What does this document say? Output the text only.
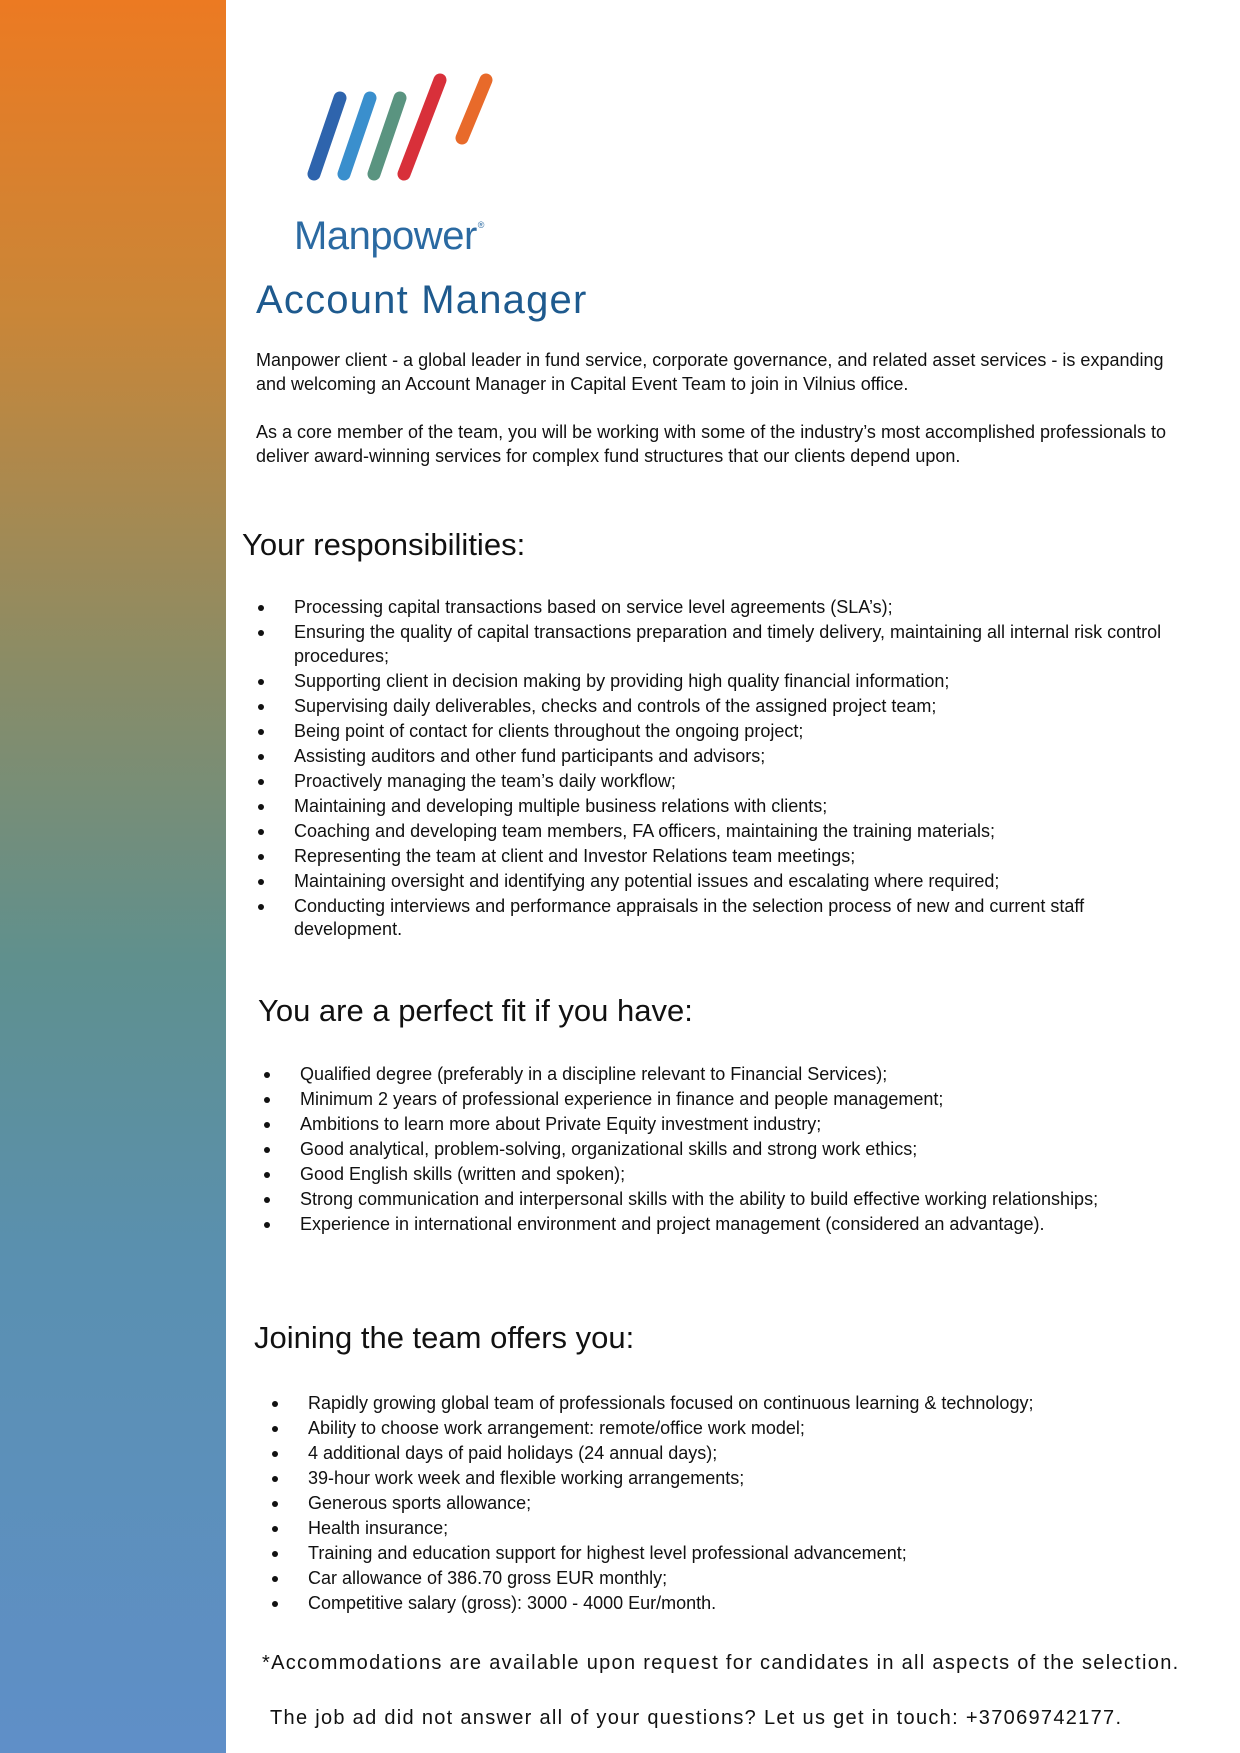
Manpower®
Account Manager

Manpower client - a global leader in fund service, corporate governance, and related asset services - is expanding and welcoming an Account Manager in Capital Event Team to join in Vilnius office.

As a core member of the team, you will be working with some of the industry’s most accomplished professionals to deliver award-winning services for complex fund structures that our clients depend upon.

Your responsibilities:
Processing capital transactions based on service level agreements (SLA’s);
Ensuring the quality of capital transactions preparation and timely delivery, maintaining all internal risk control procedures;
Supporting client in decision making by providing high quality financial information;
Supervising daily deliverables, checks and controls of the assigned project team;
Being point of contact for clients throughout the ongoing project;
Assisting auditors and other fund participants and advisors;
Proactively managing the team’s daily workflow;
Maintaining and developing multiple business relations with clients;
Coaching and developing team members, FA officers, maintaining the training materials;
Representing the team at client and Investor Relations team meetings;
Maintaining oversight and identifying any potential issues and escalating where required;
Conducting interviews and performance appraisals in the selection process of new and current staff development.
You are a perfect fit if you have:
Qualified degree (preferably in a discipline relevant to Financial Services);
Minimum 2 years of professional experience in finance and people management;
Ambitions to learn more about Private Equity investment industry;
Good analytical, problem-solving, organizational skills and strong work ethics;
Good English skills (written and spoken);
Strong communication and interpersonal skills with the ability to build effective working relationships;
Experience in international environment and project management (considered an advantage).
Joining the team offers you:
Rapidly growing global team of professionals focused on continuous learning & technology;
Ability to choose work arrangement: remote/office work model;
4 additional days of paid holidays (24 annual days);
39-hour work week and flexible working arrangements;
Generous sports allowance;
Health insurance;
Training and education support for highest level professional advancement;
Car allowance of 386.70 gross EUR monthly;
Competitive salary (gross): 3000 - 4000 Eur/month.

*Accommodations are available upon request for candidates in all aspects of the selection.

The job ad did not answer all of your questions? Let us get in touch: +37069742177.
